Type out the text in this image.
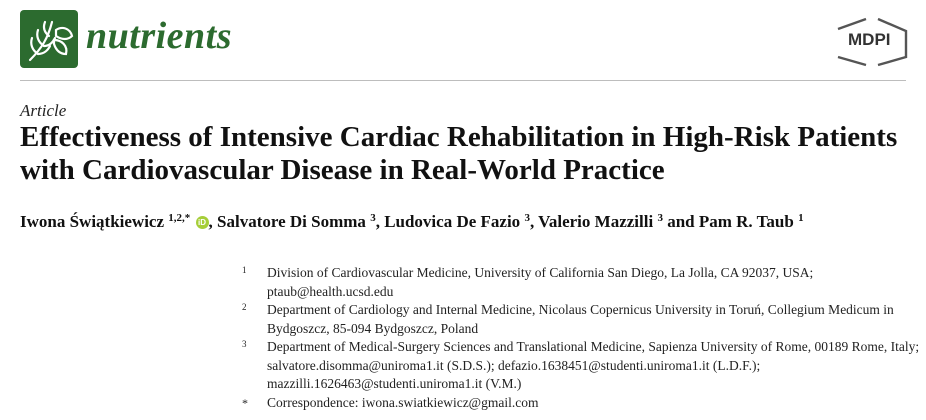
nutrients	MDPI
Article
Effectiveness of Intensive Cardiac Rehabilitation in High-Risk Patients with Cardiovascular Disease in Real-World Practice
Iwona Świątkiewicz $^{1,2,*}$ iD , Salvatore Di Somma $^3$, Ludovica De Fazio $^3$, Valerio Mazzilli $^3$ and Pam R. Taub $^1$
1 Division of Cardiovascular Medicine, University of California San Diego, La Jolla, CA 92037, USA; ptaub@health.ucsd.edu
2 Department of Cardiology and Internal Medicine, Nicolaus Copernicus University in Toruń, Collegium Medicum in Bydgoszcz, 85-094 Bydgoszcz, Poland
3 Department of Medical-Surgery Sciences and Translational Medicine, Sapienza University of Rome, 00189 Rome, Italy; salvatore.disomma@uniroma1.it (S.D.S.); defazio.1638451@studenti.uniroma1.it (L.D.F.); mazzilli.1626463@studenti.uniroma1.it (V.M.)
* Correspondence: iwona.swiatkiewicz@gmail.com
